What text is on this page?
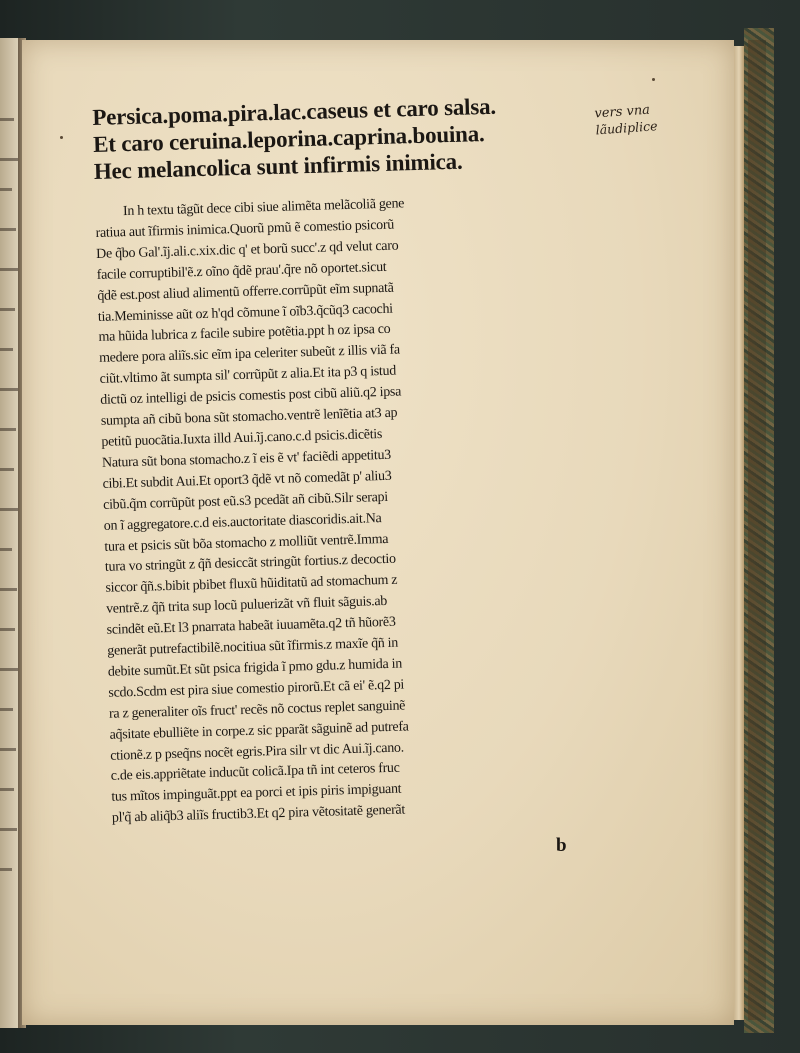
Persica.poma.pira.lac.caseus et caro salsa.
Et caro ceruina.leporina.caprina.bouina.
Hec melancolica sunt infirmis inimica.
In h textu tãgũt dece cibi siue alimẽta melãcoliã gene
ratiua aut ĩfirmis inimica.Quorũ pmũ ẽ comestio psicorũ
De q̃bo Gal'.ĩj.ali.c.xix.dic q' et borũ succ'.z qd velut caro
facile corruptibil'ẽ.z oĩno q̃dẽ prau'.q̃re nõ oportet.sicut
q̃dẽ est.post aliud alimentũ offerre.corrũpũt eĩm supnatã
tia.Meminisse aũt oz h'qd cõmune ĩ oĩb3.q̃cũq3 cacochi
ma hũida lubrica z facile subire potẽtia.ppt h oz ipsa co
medere pora aliĩs.sic eĩm ipa celeriter subeũt z illis viã fa
ciũt.vltimo ãt sumpta sil' corrũpũt z alia.Et ita p3 q istud
dictũ oz intelligi de psicis comestis post cibũ aliũ.q2 ipsa
sumpta añ cibũ bona sũt stomacho.ventrẽ lenĩẽtia at3 ap
petitũ puocãtia.Iuxta illd Aui.ĩj.cano.c.d psicis.dicẽtis
Natura sũt bona stomacho.z ĩ eis ẽ vt' faciẽdi appetitu3
cibi.Et subdit Aui.Et oport3 q̃dẽ vt nõ comedãt p' aliu3
cibũ.q̃m corrũpũt post eũ.s3 pcedãt añ cibũ.Silr serapi
on ĩ aggregatore.c.d eis.auctoritate diascoridis.ait.Na
tura et psicis sũt bõa stomacho z molliũt ventrẽ.Imma
tura vo stringũt z q̃ñ desiccãt stringũt fortius.z decoctio
siccor q̃ñ.s.bibit pbibet fluxũ hũiditatũ ad stomachum z
ventrẽ.z q̃ñ trita sup locũ puluerizãt vñ fluit sãguis.ab
scindẽt eũ.Et l3 pnarrata habeãt iuuamẽta.q2 tñ hũorẽ3
generãt putrefactibilẽ.nocitiua sũt ĩfirmis.z maxĩe q̃ñ in
debite sumũt.Et sũt psica frigida ĩ pmo gdu.z humida in
scdo.Scdm est pira siue comestio pirorũ.Et cã ei' ẽ.q2 pi
ra z generaliter oĩs fruct' recẽs nõ coctus replet sanguinẽ
aq̃sitate ebulliẽte in corpe.z sic pparãt sãguinẽ ad putrefa
ctionẽ.z p pseq̃ns nocẽt egris.Pira silr vt dic Aui.ĩj.cano.
c.de eis.appriẽtate inducũt colicã.Ipa tñ int ceteros fruc
tus mĩtos impinguãt.ppt ea porci et ipis piris impiguant
pl'q̃ ab aliq̃b3 aliĩs fructib3.Et q2 pira vẽtositatẽ generãt
b
vers vna
lãudiplice
